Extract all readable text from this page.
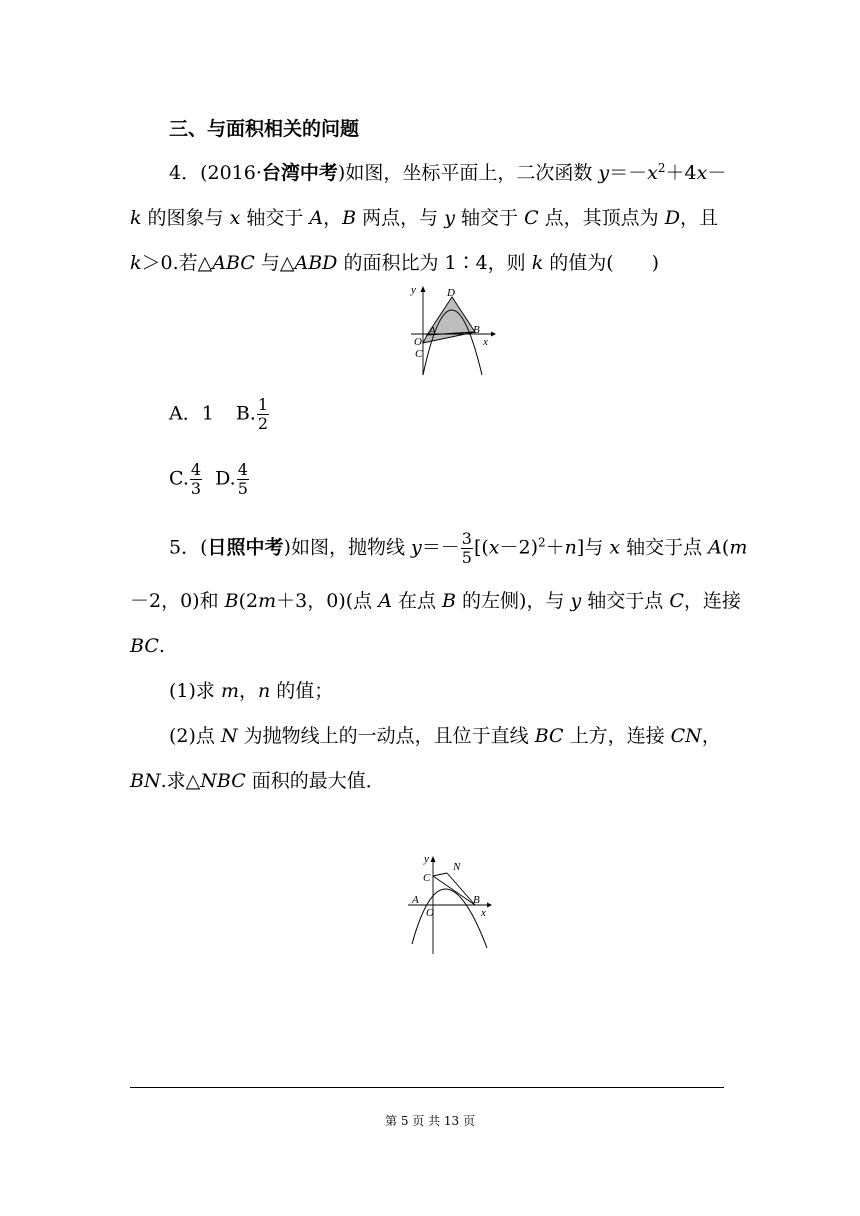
三、与面积相关的问题
4．(2016·台湾中考)如图，坐标平面上，二次函数 $y=-x^2+4x-$
k 的图象与 x 轴交于 A，B 两点，与 y 轴交于 C 点，其顶点为 D，且
k＞0.若△ABC 与△ABD 的面积比为 1∶4，则 k 的值为(　　)
y	D
A	B
O
C
x
A．1 B. $\frac{1}{2}$
C. $\frac{4}{3} D$. $\frac{4}{5}$
5．(日照中考)如图，抛物线 $y=- \frac{3}{5} [(x-2)^2+n]$与 x 轴交于点 A(m
－2，0)和 B(2m＋3，0)(点 A 在点 B 的左侧)，与 y 轴交于点 C，连接
BC.
(1)求 m，n 的值；
(2)点 N 为抛物线上的一动点，且位于直线 BC 上方，连接 CN，
BN.求△NBC 面积的最大值．
y
N
C
A
O
B
x
第 5 页 共 13 页
